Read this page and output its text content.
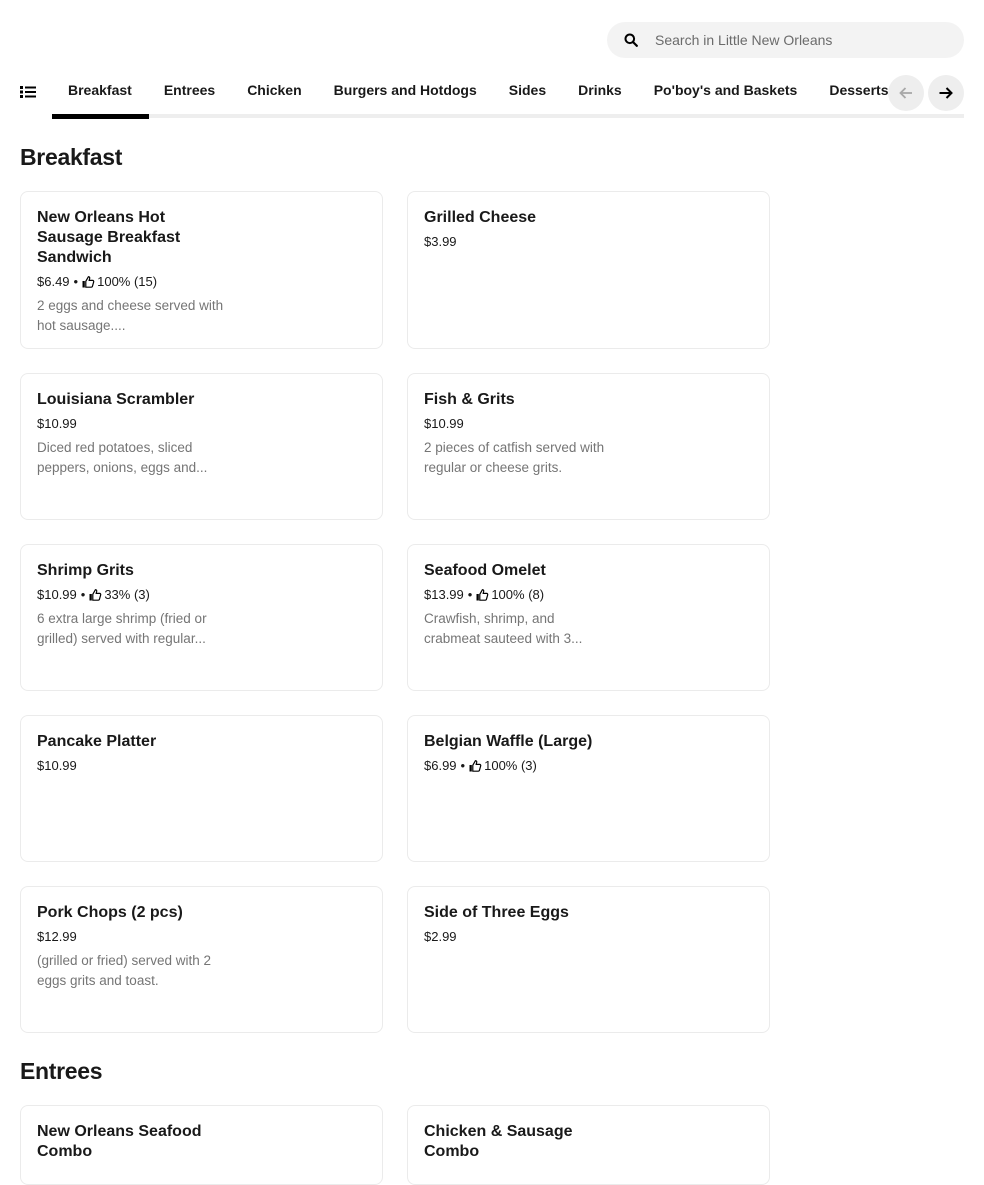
Search in Little New Orleans
Breakfast	Entrees	Chicken	Burgers and Hotdogs	Sides	Drinks	Po'boy's and Baskets	Desserts
Breakfast
New Orleans Hot Sausage Breakfast Sandwich
$6.49 • 100% (15)
2 eggs and cheese served with hot sausage....
Grilled Cheese
$3.99
Louisiana Scrambler
$10.99
Diced red potatoes, sliced peppers, onions, eggs and...
Fish & Grits
$10.99
2 pieces of catfish served with regular or cheese grits.
Shrimp Grits
$10.99 • 33% (3)
6 extra large shrimp (fried or grilled) served with regular...
Seafood Omelet
$13.99 • 100% (8)
Crawfish, shrimp, and crabmeat sauteed with 3...
Pancake Platter
$10.99
Belgian Waffle (Large)
$6.99 • 100% (3)
Pork Chops (2 pcs)
$12.99
(grilled or fried) served with 2 eggs grits and toast.
Side of Three Eggs
$2.99
Entrees
New Orleans Seafood Combo
Chicken & Sausage Combo
